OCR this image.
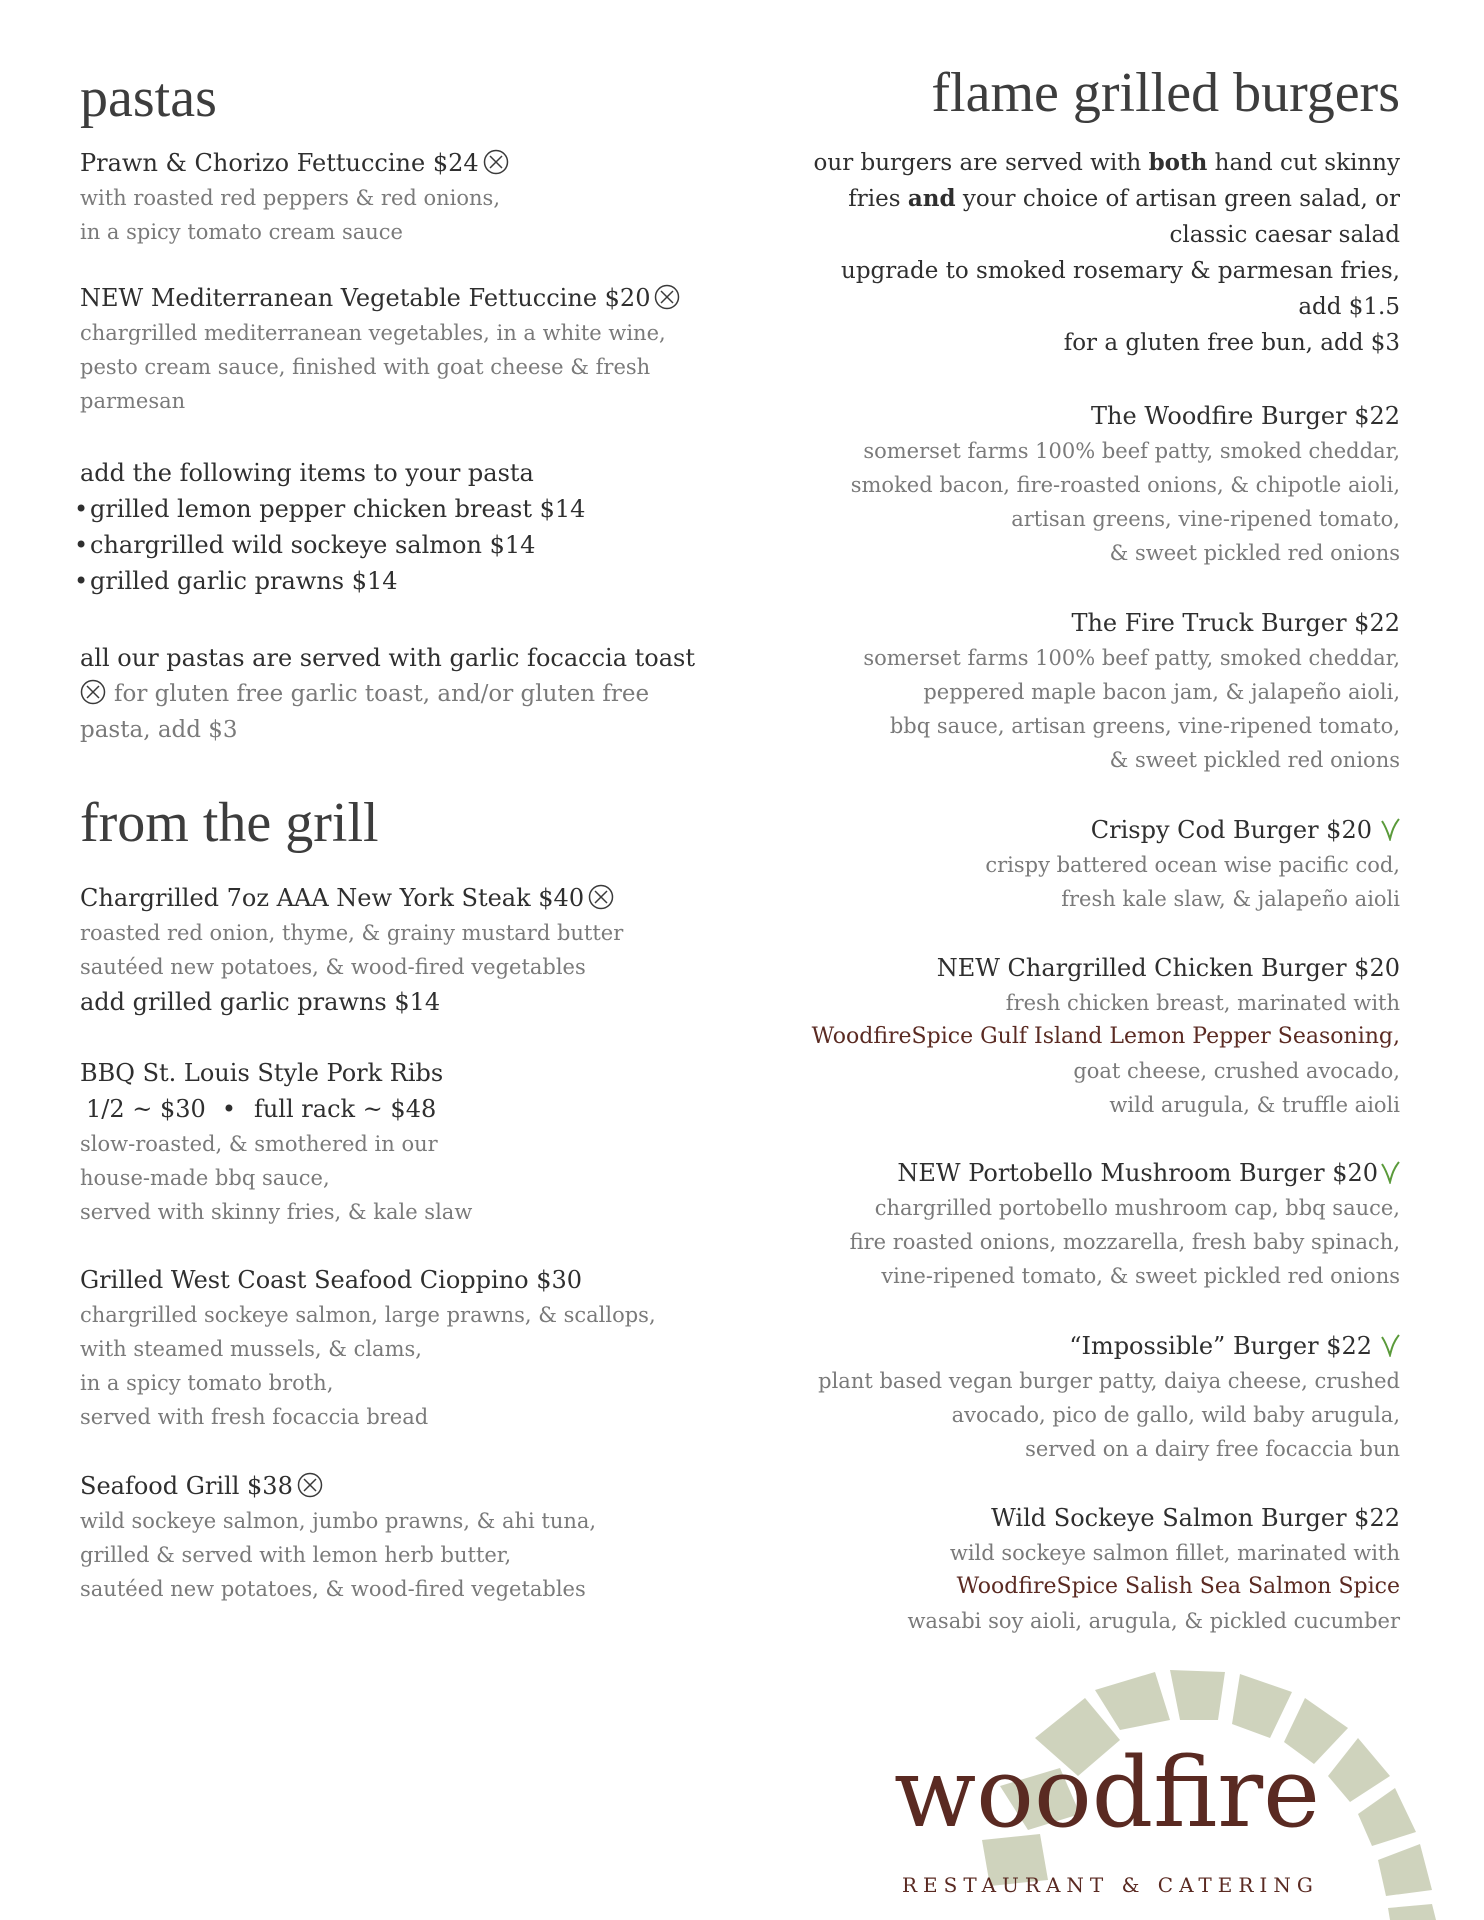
pastas

Prawn & Chorizo Fettuccine $24

with roasted red peppers & red onions,

in a spicy tomato cream sauce

NEW Mediterranean Vegetable Fettuccine $20

chargrilled mediterranean vegetables, in a white wine,

pesto cream sauce, finished with goat cheese & fresh

parmesan

add the following items to your pasta

• grilled lemon pepper chicken breast $14
• chargrilled wild sockeye salmon $14
• grilled garlic prawns $14

all our pastas are served with garlic focaccia toast

for gluten free garlic toast, and/or gluten free

pasta, add $3

from the grill

Chargrilled 7oz AAA New York Steak $40

roasted red onion, thyme, & grainy mustard butter

sautéed new potatoes, & wood-fired vegetables

add grilled garlic prawns $14

BBQ St. Louis Style Pork Ribs

1/2 ~ $30 • full rack ~ $48

slow-roasted, & smothered in our

house-made bbq sauce,

served with skinny fries, & kale slaw

Grilled West Coast Seafood Cioppino $30

chargrilled sockeye salmon, large prawns, & scallops,

with steamed mussels, & clams,

in a spicy tomato broth,

served with fresh focaccia bread

Seafood Grill $38

wild sockeye salmon, jumbo prawns, & ahi tuna,

grilled & served with lemon herb butter,

sautéed new potatoes, & wood-fired vegetables

flame grilled burgers

our burgers are served with both hand cut skinny

fries and your choice of artisan green salad, or

classic caesar salad

upgrade to smoked rosemary & parmesan fries,

add $1.5

for a gluten free bun, add $3

The Woodfire Burger $22

somerset farms 100% beef patty, smoked cheddar,

smoked bacon, fire-roasted onions, & chipotle aioli,

artisan greens, vine-ripened tomato,

& sweet pickled red onions

The Fire Truck Burger $22

somerset farms 100% beef patty, smoked cheddar,

peppered maple bacon jam, & jalapeño aioli,

bbq sauce, artisan greens, vine-ripened tomato,

& sweet pickled red onions

Crispy Cod Burger $20

crispy battered ocean wise pacific cod,

fresh kale slaw, & jalapeño aioli

NEW Chargrilled Chicken Burger $20

fresh chicken breast, marinated with

WoodfireSpice Gulf Island Lemon Pepper Seasoning,

goat cheese, crushed avocado,

wild arugula, & truffle aioli

NEW Portobello Mushroom Burger $20

chargrilled portobello mushroom cap, bbq sauce,

fire roasted onions, mozzarella, fresh baby spinach,

vine-ripened tomato, & sweet pickled red onions

“Impossible” Burger $22

plant based vegan burger patty, daiya cheese, crushed

avocado, pico de gallo, wild baby arugula,

served on a dairy free focaccia bun

Wild Sockeye Salmon Burger $22

wild sockeye salmon fillet, marinated with

WoodfireSpice Salish Sea Salmon Spice

wasabi soy aioli, arugula, & pickled cucumber

woodfire
RESTAURANT & CATERING
